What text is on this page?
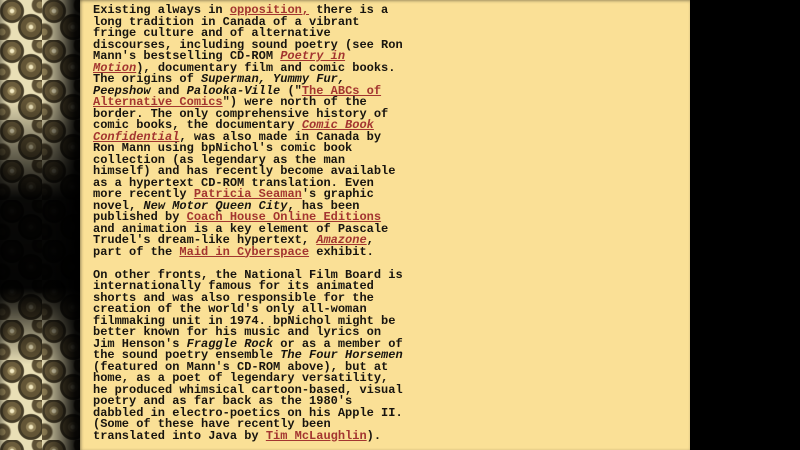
Existing always in opposition, there is a long tradition in Canada of a vibrant fringe culture and of alternative discourses, including sound poetry (see Ron Mann's bestselling CD-ROM Poetry in Motion), documentary film and comic books. The origins of Superman, Yummy Fur, Peepshow and Palooka-Ville ("The ABCs of Alternative Comics") were north of the border. The only comprehensive history of comic books, the documentary Comic Book Confidential, was also made in Canada by Ron Mann using bpNichol's comic book collection (as legendary as the man himself) and has recently become available as a hypertext CD-ROM translation. Even more recently Patricia Seaman's graphic novel, New Motor Queen City, has been published by Coach House Online Editions and animation is a key element of Pascale Trudel's dream-like hypertext, Amazone, part of the Maid in Cyberspace exhibit.

On other fronts, the National Film Board is internationally famous for its animated shorts and was also responsible for the creation of the world's only all-woman filmmaking unit in 1974. bpNichol might be better known for his music and lyrics on Jim Henson's Fraggle Rock or as a member of the sound poetry ensemble The Four Horsemen (featured on Mann's CD-ROM above), but at home, as a poet of legendary versatility, he produced whimsical cartoon-based, visual poetry and as far back as the 1980's dabbled in electro-poetics on his Apple II. (Some of these have recently been translated into Java by Tim McLaughlin).
